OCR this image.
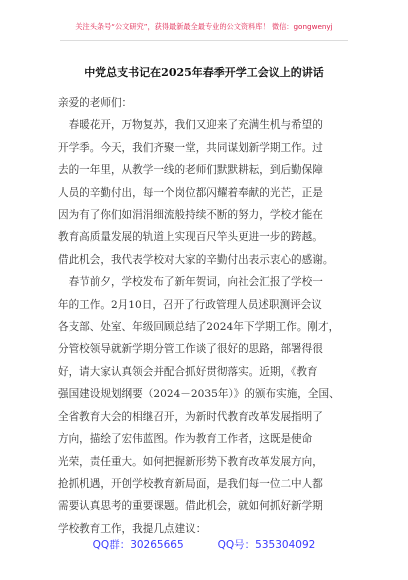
关注头条号“公文研究”，获得最新最全最专业的公文资料库！ 微信：gongwenyj
中党总支书记在2025年春季开学工会议上的讲话
亲爱的老师们：
　春暖花开，万物复苏，我们又迎来了充满生机与希望的
开学季。今天，我们齐聚一堂，共同谋划新学期工作。过
去的一年里，从教学一线的老师们默默耕耘，到后勤保障
人员的辛勤付出，每一个岗位都闪耀着奉献的光芒，正是
因为有了你们如涓涓细流般持续不断的努力，学校才能在
教育高质量发展的轨道上实现百尺竿头更进一步的跨越。
借此机会，我代表学校对大家的辛勤付出表示衷心的感谢。
　春节前夕，学校发布了新年贺词，向社会汇报了学校一
年的工作。2月10日，召开了行政管理人员述职测评会议
各支部、处室、年级回顾总结了2024年下学期工作。刚才，
分管校领导就新学期分管工作谈了很好的思路，部署得很
好，请大家认真领会并配合抓好贯彻落实。近期，《教育
强国建设规划纲要（2024－2035年）》的颁布实施，全国、
全省教育大会的相继召开，为新时代教育改革发展指明了
方向，描绘了宏伟蓝图。作为教育工作者，这既是使命
光荣，责任重大。如何把握新形势下教育改革发展方向，
抢抓机遇，开创学校教育新局面，是我们每一位二中人都
需要认真思考的重要课题。借此机会，就如何抓好新学期
学校教育工作，我提几点建议：
QQ群：30265665	QQ号：535304092
